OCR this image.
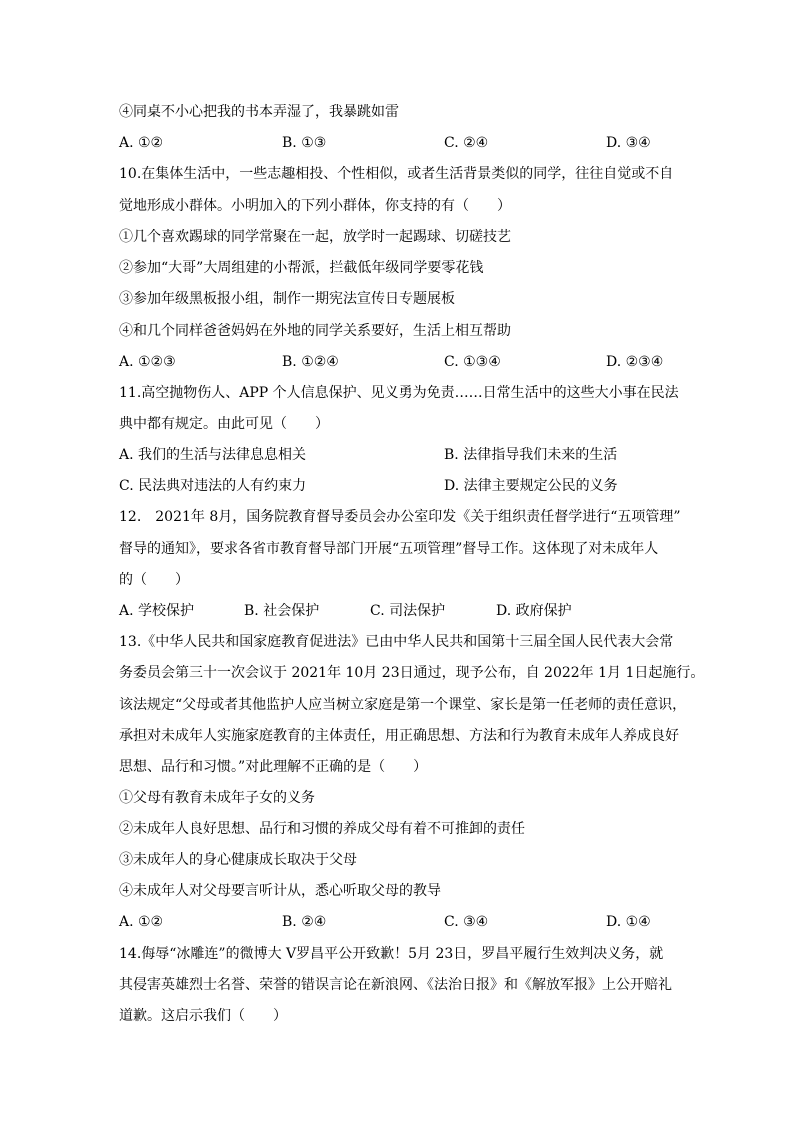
④同桌不小心把我的书本弄湿了，我暴跳如雷
A. ①②	B. ①③	C. ②④	D. ③④
10.在集体生活中，一些志趣相投、个性相似，或者生活背景类似的同学，往往自觉或不自
觉地形成小群体。小明加入的下列小群体，你支持的有（　　）
①几个喜欢踢球的同学常聚在一起，放学时一起踢球、切磋技艺
②参加“大哥”大周组建的小帮派，拦截低年级同学要零花钱
③参加年级黑板报小组，制作一期宪法宣传日专题展板
④和几个同样爸爸妈妈在外地的同学关系要好，生活上相互帮助
A. ①②③	B. ①②④	C. ①③④	D. ②③④
11.高空抛物伤人、APP 个人信息保护、见义勇为免责……日常生活中的这些大小事在民法
典中都有规定。由此可见（　　）
A. 我们的生活与法律息息相关	B. 法律指导我们未来的生活
C. 民法典对违法的人有约束力	D. 法律主要规定公民的义务
12.　2021年 8月，国务院教育督导委员会办公室印发《关于组织责任督学进行“五项管理”
督导的通知》，要求各省市教育督导部门开展“五项管理”督导工作。这体现了对未成年人
的（　　）
A. 学校保护	B. 社会保护	C. 司法保护	D. 政府保护
13.《中华人民共和国家庭教育促进法》已由中华人民共和国第十三届全国人民代表大会常
务委员会第三十一次会议于 2021年 10月 23日通过，现予公布，自 2022年 1月 1日起施行。
该法规定“父母或者其他监护人应当树立家庭是第一个课堂、家长是第一任老师的责任意识，
承担对未成年人实施家庭教育的主体责任，用正确思想、方法和行为教育未成年人养成良好
思想、品行和习惯。”对此理解不正确的是（　　）
①父母有教育未成年子女的义务
②未成年人良好思想、品行和习惯的养成父母有着不可推卸的责任
③未成年人的身心健康成长取决于父母
④未成年人对父母要言听计从，悉心听取父母的教导
A. ①②	B. ②④	C. ③④	D. ①④
14.侮辱“冰雕连”的微博大 V罗昌平公开致歉！5月 23日，罗昌平履行生效判决义务，就
其侵害英雄烈士名誉、荣誉的错误言论在新浪网、《法治日报》和《解放军报》上公开赔礼
道歉。这启示我们（　　）
